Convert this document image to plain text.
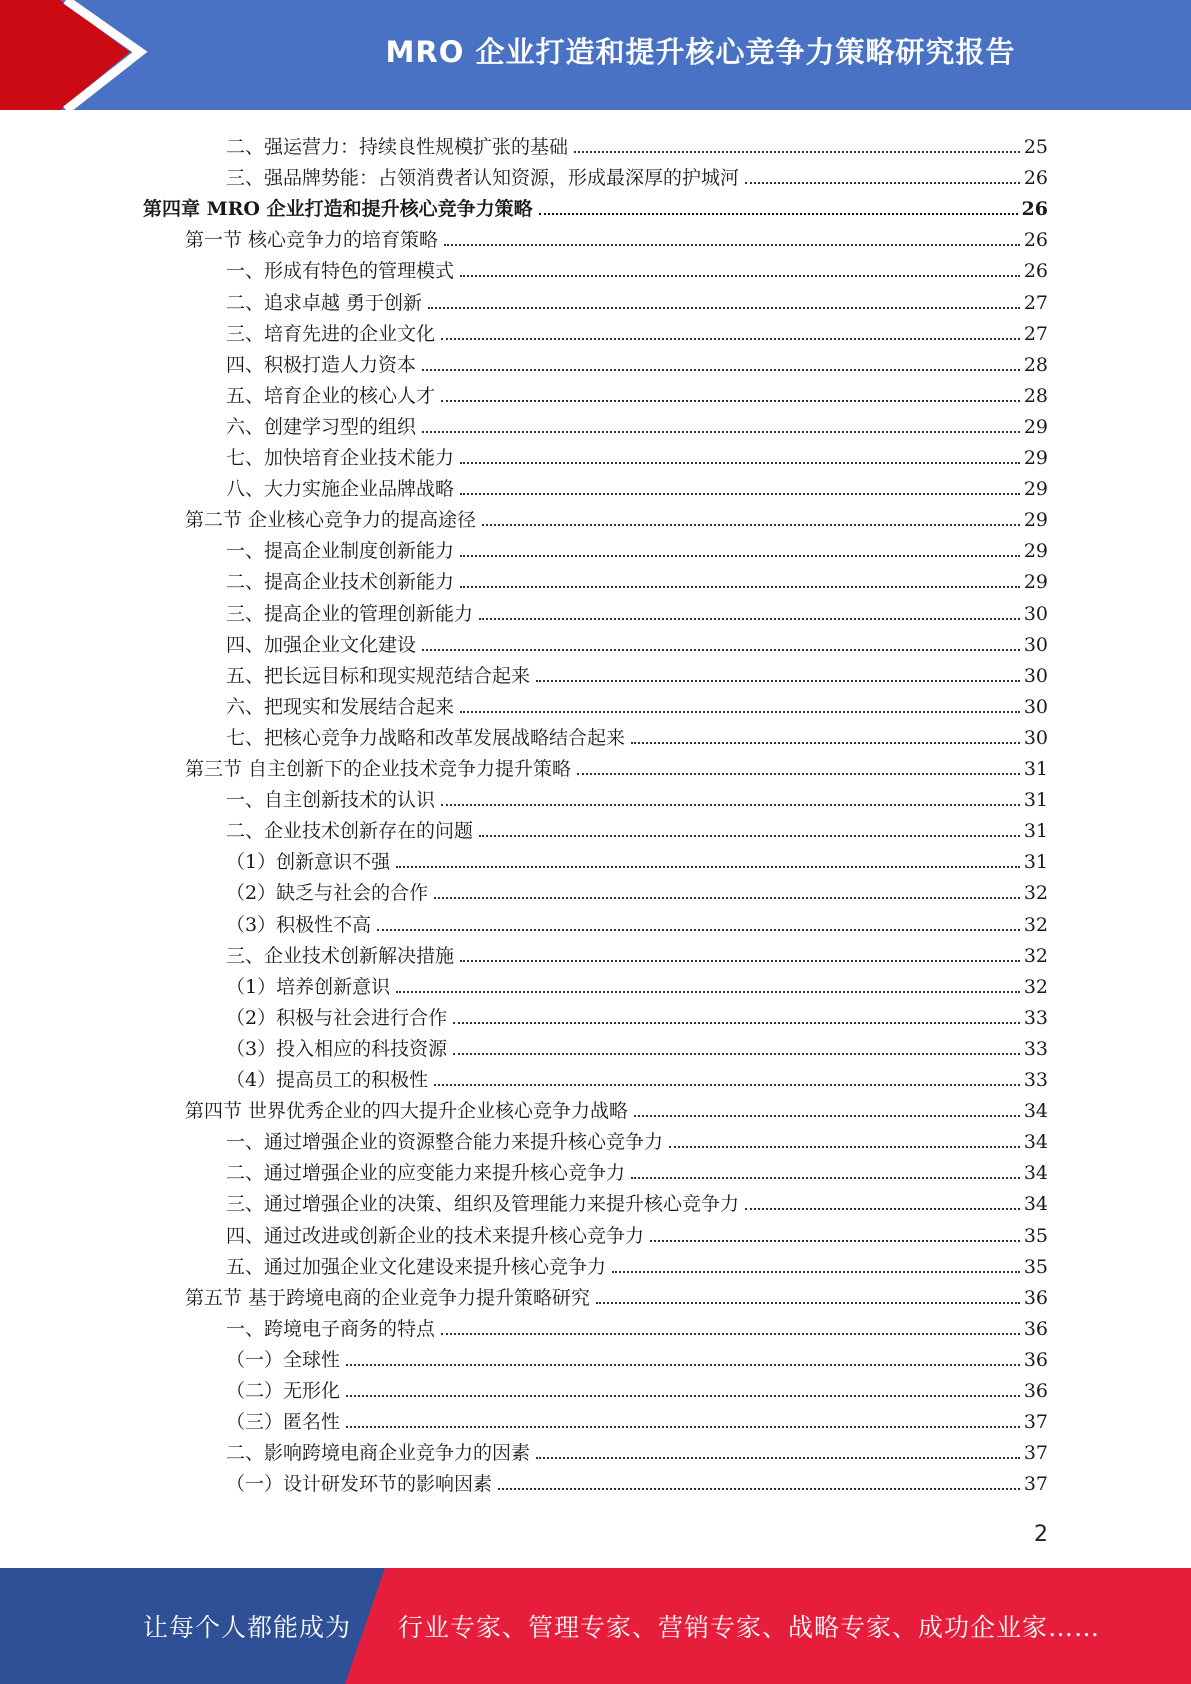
MRO 企业打造和提升核心竞争力策略研究报告
二、强运营力：持续良性规模扩张的基础	25
三、强品牌势能：占领消费者认知资源，形成最深厚的护城河	26
第四章 MRO 企业打造和提升核心竞争力策略	26
第一节 核心竞争力的培育策略	26
一、形成有特色的管理模式	26
二、追求卓越 勇于创新	27
三、培育先进的企业文化	27
四、积极打造人力资本	28
五、培育企业的核心人才	28
六、创建学习型的组织	29
七、加快培育企业技术能力	29
八、大力实施企业品牌战略	29
第二节 企业核心竞争力的提高途径	29
一、提高企业制度创新能力	29
二、提高企业技术创新能力	29
三、提高企业的管理创新能力	30
四、加强企业文化建设	30
五、把长远目标和现实规范结合起来	30
六、把现实和发展结合起来	30
七、把核心竞争力战略和改革发展战略结合起来	30
第三节 自主创新下的企业技术竞争力提升策略	31
一、自主创新技术的认识	31
二、企业技术创新存在的问题	31
（1）创新意识不强	31
（2）缺乏与社会的合作	32
（3）积极性不高	32
三、企业技术创新解决措施	32
（1）培养创新意识	32
（2）积极与社会进行合作	33
（3）投入相应的科技资源	33
（4）提高员工的积极性	33
第四节 世界优秀企业的四大提升企业核心竞争力战略	34
一、通过增强企业的资源整合能力来提升核心竞争力	34
二、通过增强企业的应变能力来提升核心竞争力	34
三、通过增强企业的决策、组织及管理能力来提升核心竞争力	34
四、通过改进或创新企业的技术来提升核心竞争力	35
五、通过加强企业文化建设来提升核心竞争力	35
第五节 基于跨境电商的企业竞争力提升策略研究	36
一、跨境电子商务的特点	36
（一）全球性	36
（二）无形化	36
（三）匿名性	37
二、影响跨境电商企业竞争力的因素	37
（一）设计研发环节的影响因素	37
2
让每个人都能成为 行业专家、管理专家、营销专家、战略专家、成功企业家……
